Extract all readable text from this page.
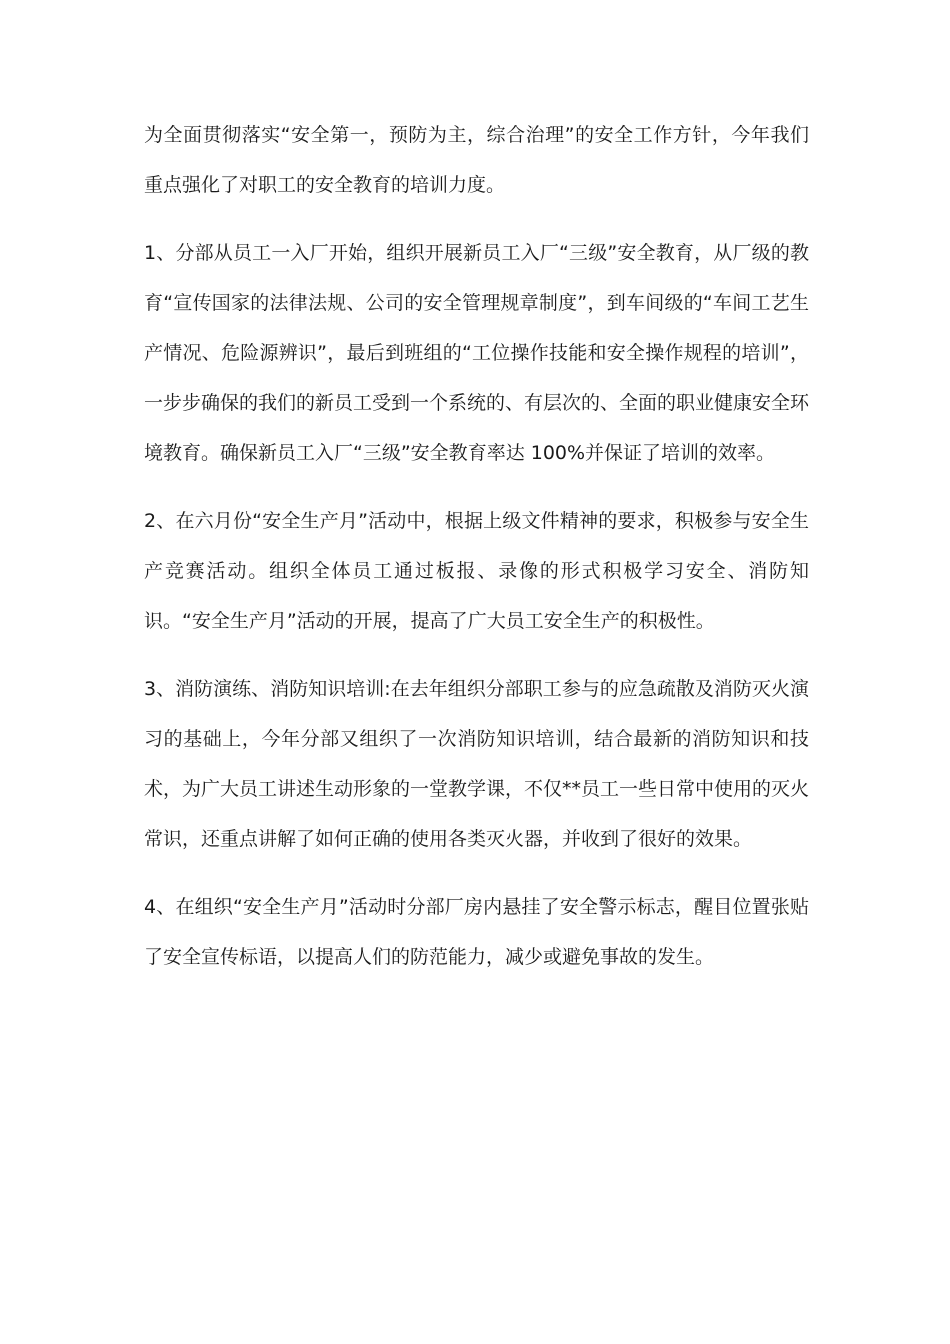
为全面贯彻落实“安全第一，预防为主，综合治理”的安全工作方针，今年我们重点强化了对职工的安全教育的培训力度。

1、分部从员工一入厂开始，组织开展新员工入厂“三级”安全教育，从厂级的教育“宣传国家的法律法规、公司的安全管理规章制度”，到车间级的“车间工艺生产情况、危险源辨识”，最后到班组的“工位操作技能和安全操作规程的培训”，一步步确保的我们的新员工受到一个系统的、有层次的、全面的职业健康安全环境教育。确保新员工入厂“三级”安全教育率达 100%并保证了培训的效率。

2、在六月份“安全生产月”活动中，根据上级文件精神的要求，积极参与安全生产竞赛活动。组织全体员工通过板报、录像的形式积极学习安全、消防知识。“安全生产月”活动的开展，提高了广大员工安全生产的积极性。

3、消防演练、消防知识培训:在去年组织分部职工参与的应急疏散及消防灭火演习的基础上，今年分部又组织了一次消防知识培训，结合最新的消防知识和技术，为广大员工讲述生动形象的一堂教学课，不仅**员工一些日常中使用的灭火常识，还重点讲解了如何正确的使用各类灭火器，并收到了很好的效果。

4、在组织“安全生产月”活动时分部厂房内悬挂了安全警示标志，醒目位置张贴了安全宣传标语，以提高人们的防范能力，减少或避免事故的发生。
